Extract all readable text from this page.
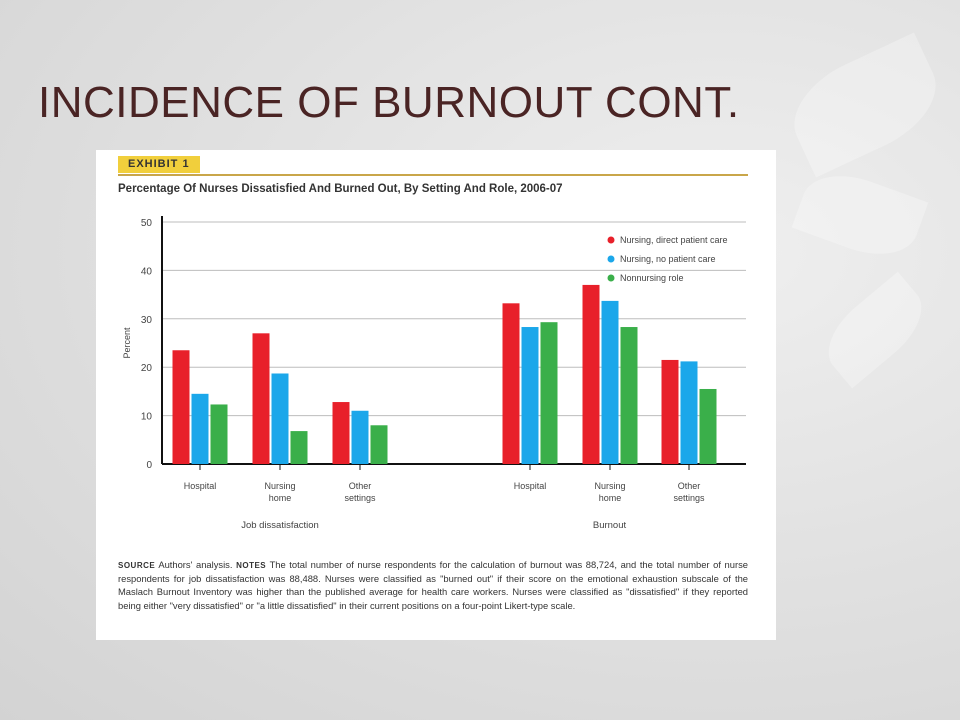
INCIDENCE OF BURNOUT CONT.
EXHIBIT 1

Percentage Of Nurses Dissatisfied And Burned Out, By Setting And Role, 2006-07

0
10
20
30
40
50
Percent
Hospital	Nursing home
Other settings
Job dissatisfaction
Hospital	Nursing home
Other settings
Burnout
Nursing, direct patient care
Nursing, no patient care
Nonnursing role

SOURCE Authors' analysis. NOTES The total number of nurse respondents for the calculation of burnout was 88,724, and the total number of nurse respondents for job dissatisfaction was 88,488. Nurses were classified as "burned out" if their score on the emotional exhaustion subscale of the Maslach Burnout Inventory was higher than the published average for health care workers. Nurses were classified as "dissatisfied" if they reported being either "very dissatisfied" or "a little dissatisfied" in their current positions on a four-point Likert-type scale.
